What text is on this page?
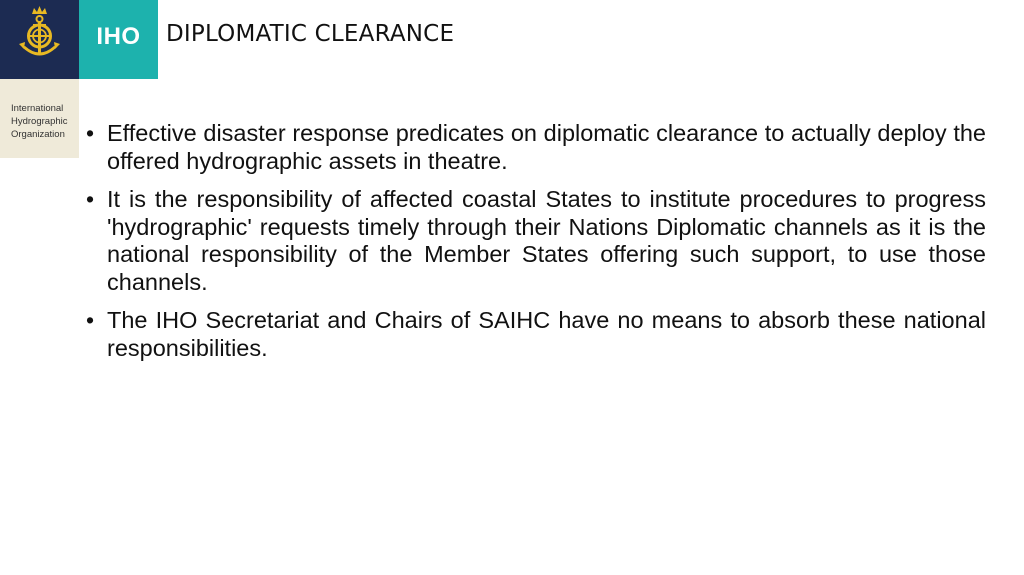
IHO
International
Hydrographic
Organization
DIPLOMATIC CLEARANCE
• Effective disaster response predicates on diplomatic clearance to actually deploy the offered hydrographic assets in theatre.
• It is the responsibility of affected coastal States to institute procedures to progress 'hydrographic' requests timely through their Nations Diplomatic channels as it is the national responsibility of the Member States offering such support, to use those channels.
• The IHO Secretariat and Chairs of SAIHC have no means to absorb these national responsibilities.
